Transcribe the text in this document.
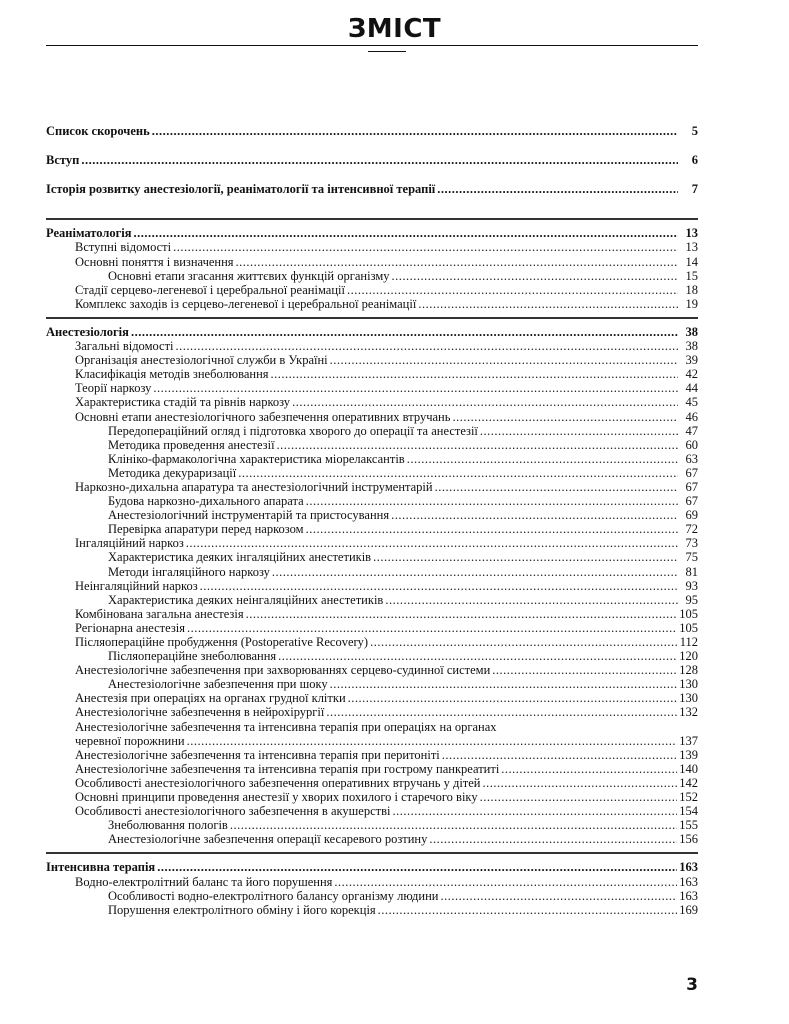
ЗМІСТ
Список скорочень .....	5
Вступ .....	6
Історія розвитку анестезіології, реаніматології та інтенсивної терапії .....	7
Реаніматологія .....	13
Вступні відомості .....	13
Основні поняття і визначення .....	14
Основні етапи згасання життєвих функцій організму .....	15
Стадії серцево-легеневої і церебральної реанімації .....	18
Комплекс заходів із серцево-легеневої і церебральної реанімації .....	19
Анестезіологія .....	38
Загальні відомості .....	38
Організація анестезіологічної служби в Україні .....	39
Класифікація методів знеболювання .....	42
Теорії наркозу .....	44
Характеристика стадій та рівнів наркозу .....	45
Основні етапи анестезіологічного забезпечення оперативних втручань .....	46
Передопераційний огляд і підготовка хворого до операції та анестезії .....	47
Методика проведення анестезії .....	60
Клініко-фармакологічна характеристика міорелаксантів .....	63
Методика декураризації .....	67
Наркозно-дихальна апаратура та анестезіологічний інструментарій .....	67
Будова наркозно-дихального апарата .....	67
Анестезіологічний інструментарій та пристосування .....	69
Перевірка апаратури перед наркозом .....	72
Інгаляційний наркоз .....	73
Характеристика деяких інгаляційних анестетиків .....	75
Методи інгаляційного наркозу .....	81
Неінгаляційний наркоз .....	93
Характеристика деяких неінгаляційних анестетиків .....	95
Комбінована загальна анестезія .....	105
Регіонарна анестезія .....	105
Післяопераційне пробудження (Postoperative Recovery) .....	112
Післяопераційне знеболювання .....	120
Анестезіологічне забезпечення при захворюваннях серцево-судинної системи .....	128
Анестезіологічне забезпечення при шоку .....	130
Анестезія при операціях на органах грудної клітки .....	130
Анестезіологічне забезпечення в нейрохірургії .....	132
Анестезіологічне забезпечення та інтенсивна терапія при операціях на органах
черевної порожнини .....	137
Анестезіологічне забезпечення та інтенсивна терапія при перитоніті .....	139
Анестезіологічне забезпечення та інтенсивна терапія при гострому панкреатиті .....	140
Особливості анестезіологічного забезпечення оперативних втручань у дітей .....	142
Основні принципи проведення анестезії у хворих похилого і старечого віку .....	152
Особливості анестезіологічного забезпечення в акушерстві .....	154
Знеболювання пологів .....	155
Анестезіологічне забезпечення операції кесаревого розтину .....	156
Інтенсивна терапія .....	163
Водно-електролітний баланс та його порушення .....	163
Особливості водно-електролітного балансу організму людини .....	163
Порушення електролітного обміну і його корекція .....	169
3
